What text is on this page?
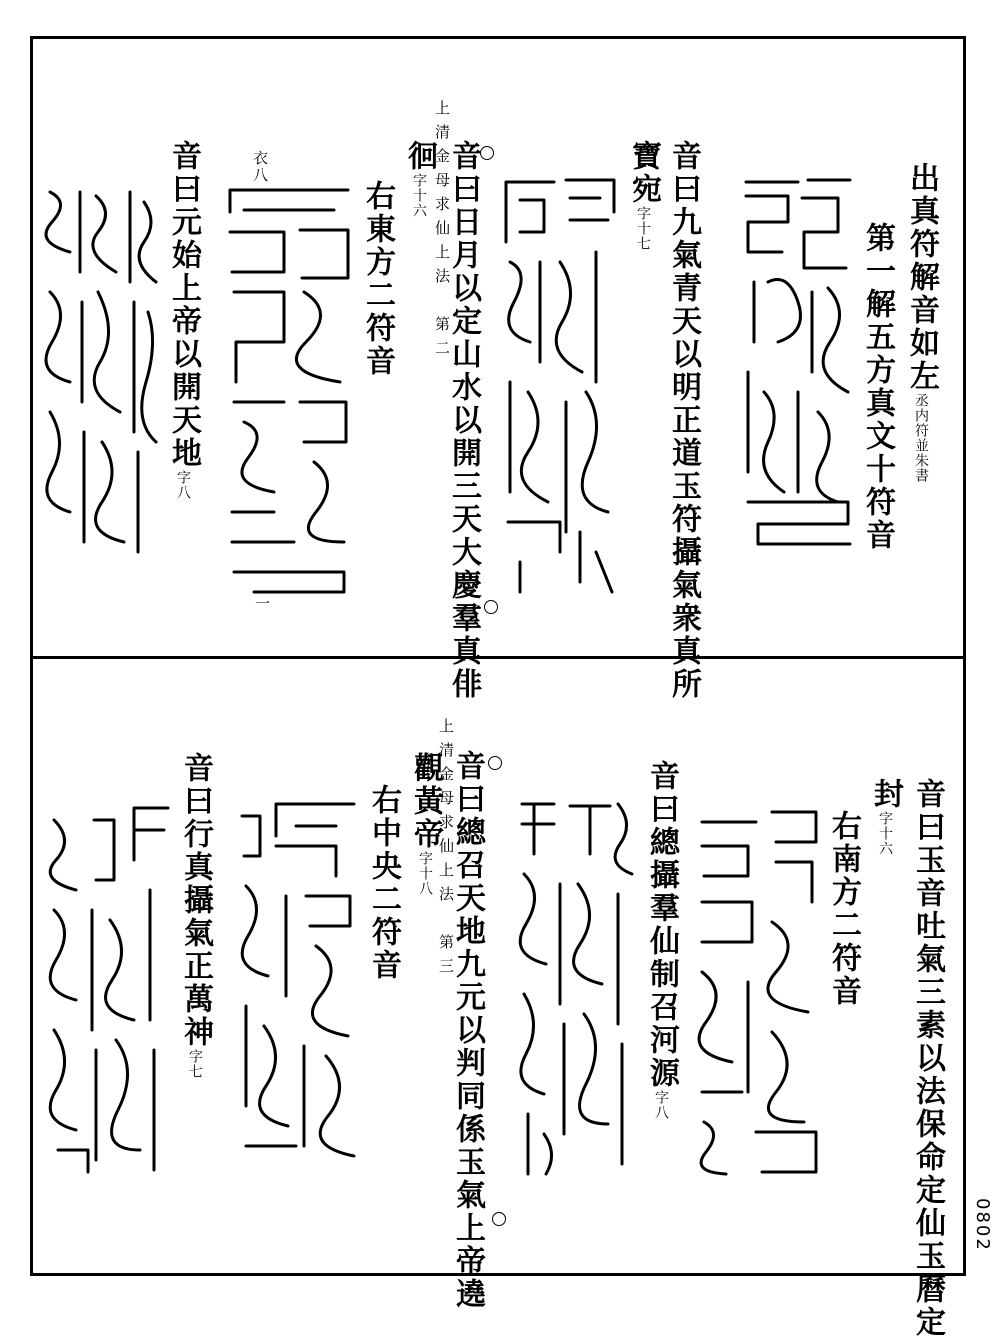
0802
上清金母求仙上法　第二	出真符解音如左丞内符並朱書
第一解五方真文十符音
音曰九氣青天以明正道玉符攝氣衆真所
寶宛字十七
音曰日月以定山水以開三天大慶羣真俳
徊字十六
右東方二符音
音曰元始上帝以開天地字八
衣八
二
上清金母求仙上法　第三	音曰玉音吐氣三素以法保命定仙玉曆定
封字十六
右南方二符音
音曰總攝羣仙制召河源字八
音曰總召天地九元以判同係玉氣上帝遶
觀黃帝字十八
右中央二符音
音曰行真攝氣正萬神字七
